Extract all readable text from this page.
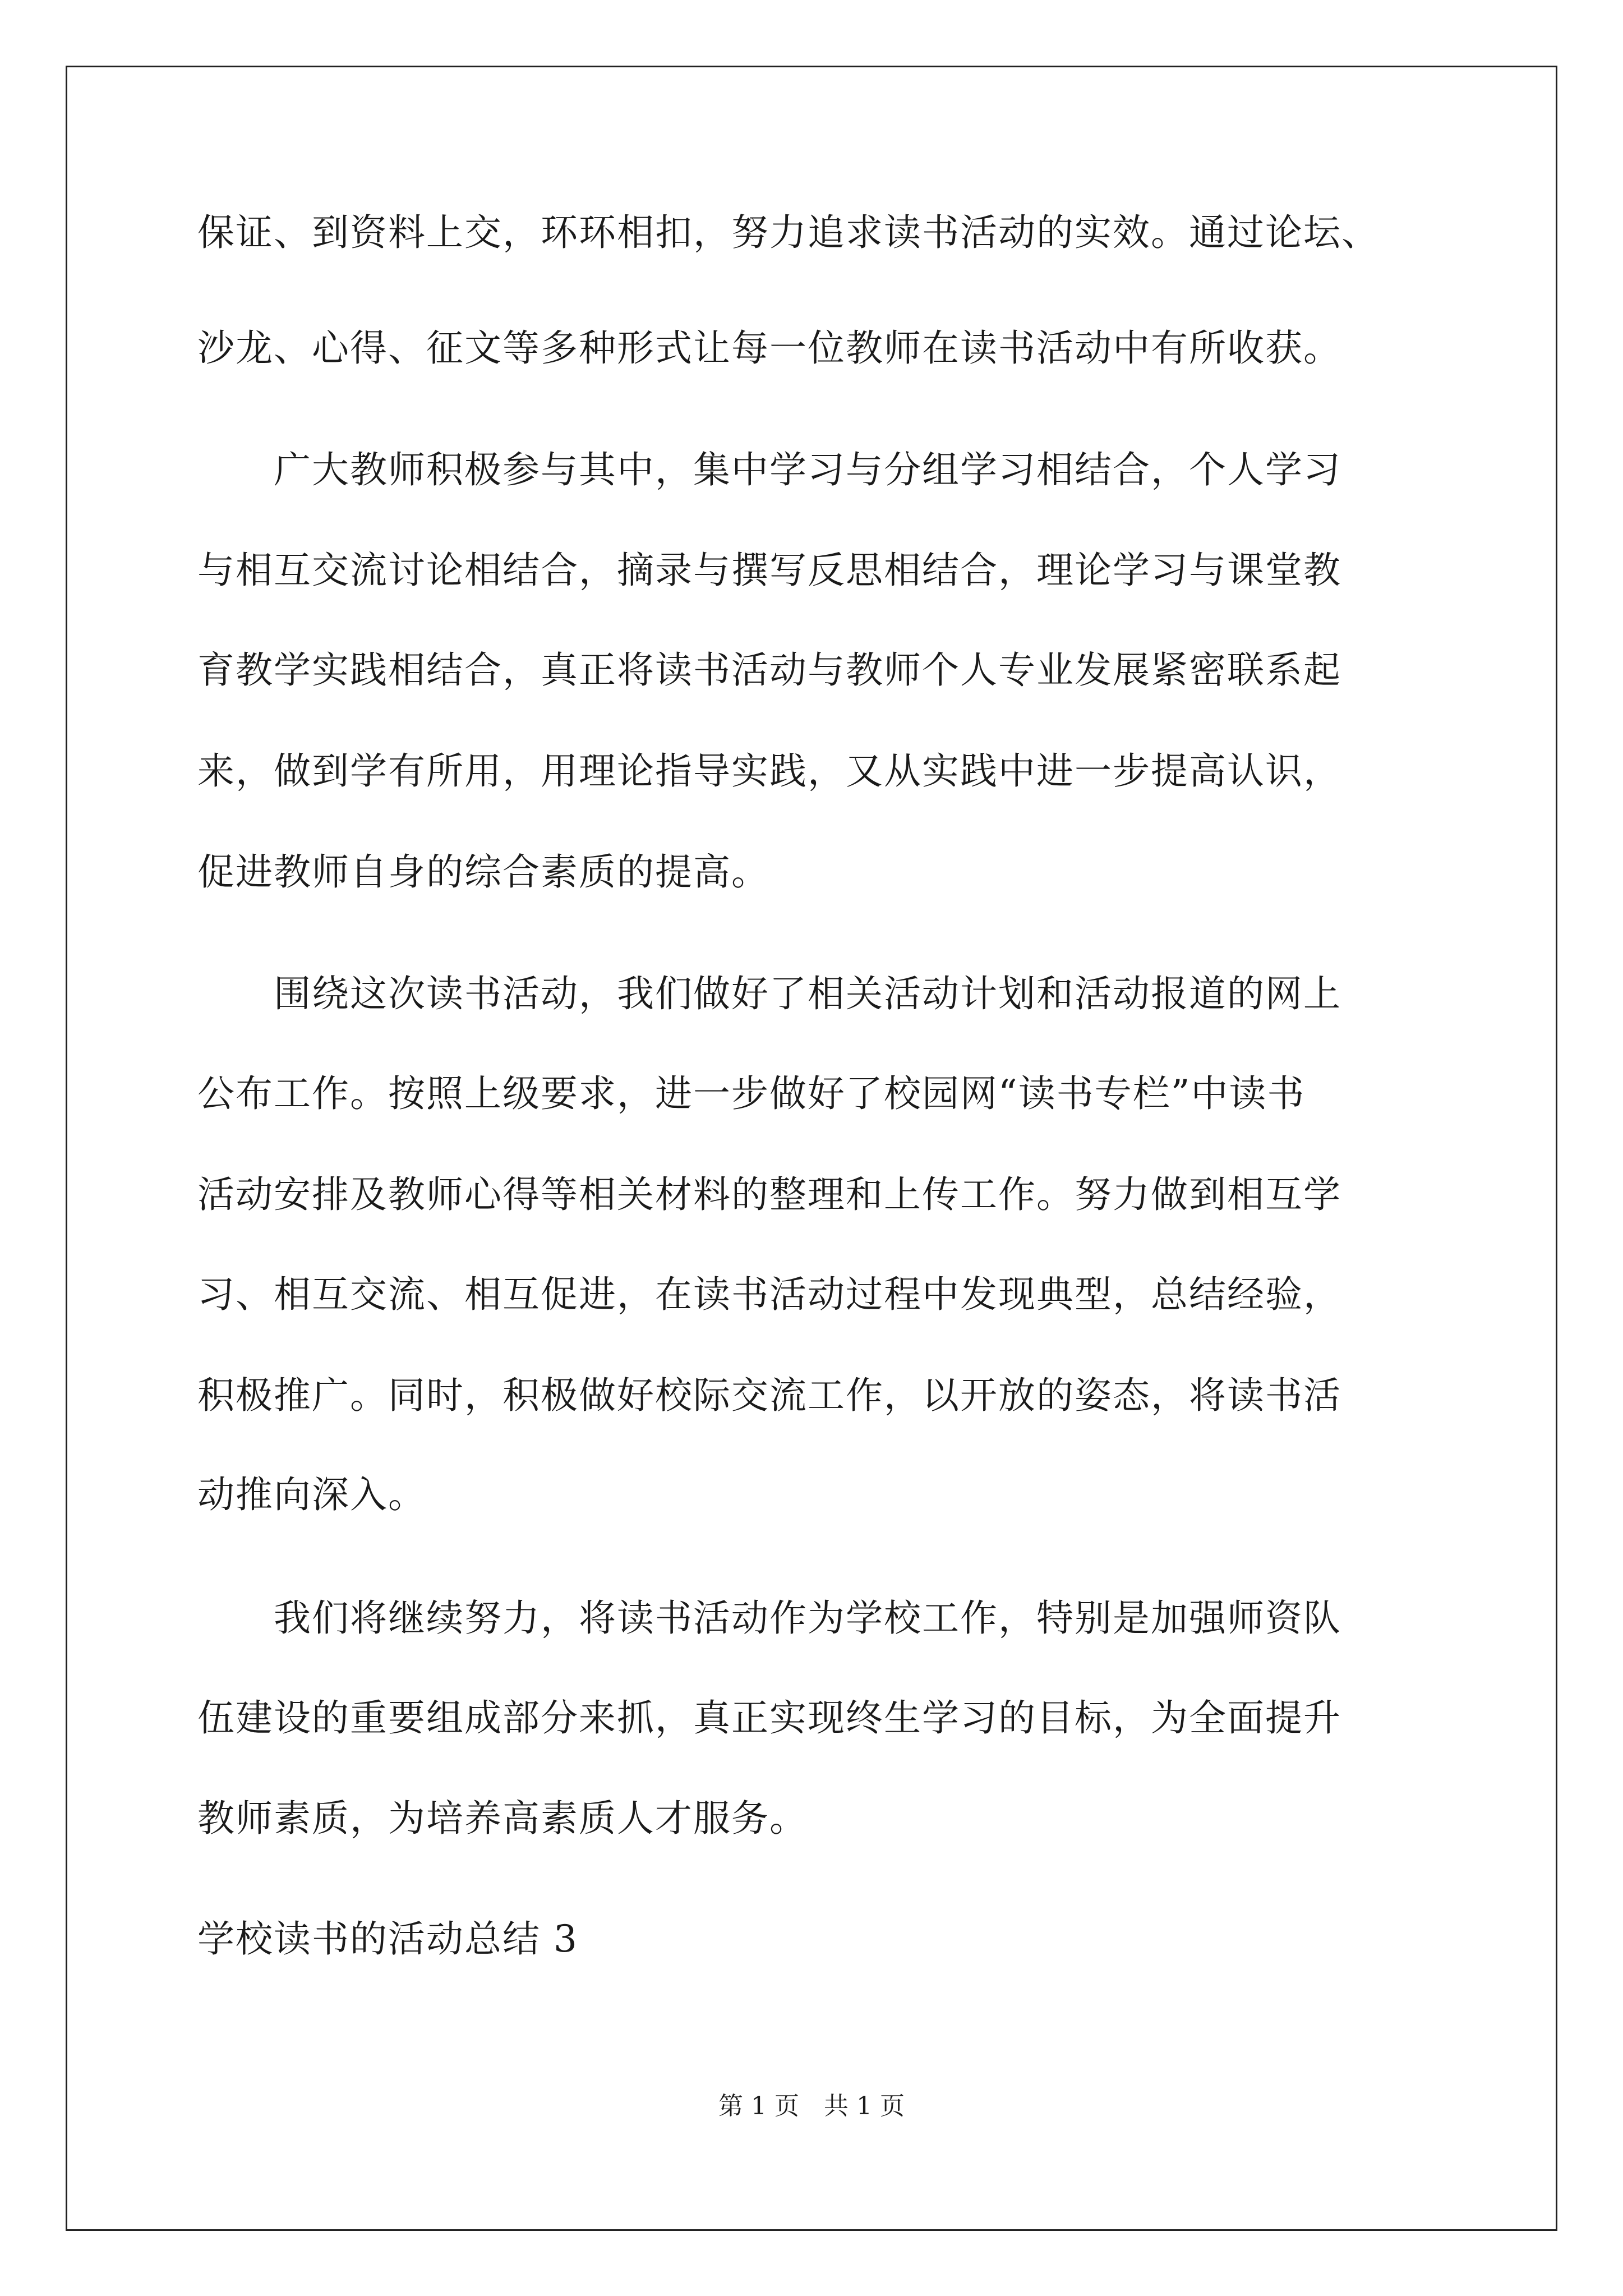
保证、到资料上交，环环相扣，努力追求读书活动的实效。通过论坛、
沙龙、心得、征文等多种形式让每一位教师在读书活动中有所收获。
　　广大教师积极参与其中，集中学习与分组学习相结合，个人学习
与相互交流讨论相结合，摘录与撰写反思相结合，理论学习与课堂教
育教学实践相结合，真正将读书活动与教师个人专业发展紧密联系起
来，做到学有所用，用理论指导实践，又从实践中进一步提高认识，
促进教师自身的综合素质的提高。
　　围绕这次读书活动，我们做好了相关活动计划和活动报道的网上
公布工作。按照上级要求，进一步做好了校园网“读书专栏”中读书
活动安排及教师心得等相关材料的整理和上传工作。努力做到相互学
习、相互交流、相互促进，在读书活动过程中发现典型，总结经验，
积极推广。同时，积极做好校际交流工作，以开放的姿态，将读书活
动推向深入。
　　我们将继续努力，将读书活动作为学校工作，特别是加强师资队
伍建设的重要组成部分来抓，真正实现终生学习的目标，为全面提升
教师素质，为培养高素质人才服务。
学校读书的活动总结 3
第 1 页　共 1 页
